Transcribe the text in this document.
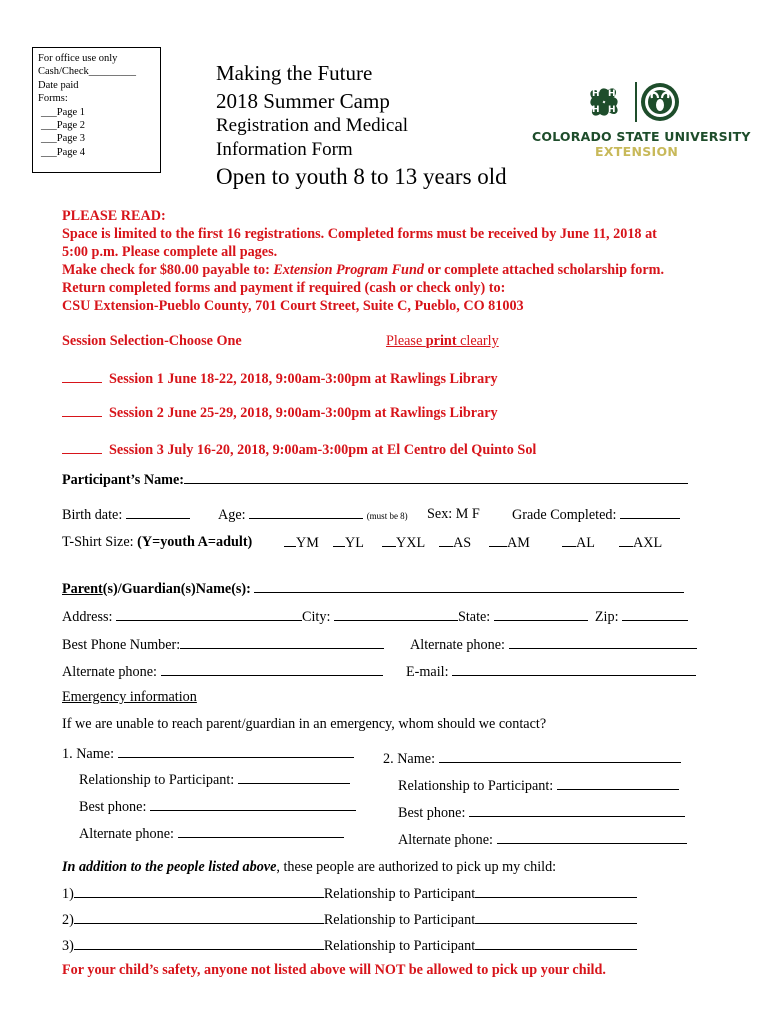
For office use only
Cash/Check_________
Date paid
Forms:
___Page 1
___Page 2
___Page 3
___Page 4
Making the Future
2018 Summer Camp
Registration and Medical
Information Form
Open to youth 8 to 13 years old
H H
H H
COLORADO STATE UNIVERSITY
EXTENSION
PLEASE READ:
Space is limited to the first 16 registrations. Completed forms must be received by June 11, 2018 at
5:00 p.m. Please complete all pages.
Make check for $80.00 payable to: Extension Program Fund or complete attached scholarship form.
Return completed forms and payment if required (cash or check only) to:
CSU Extension-Pueblo County, 701 Court Street, Suite C, Pueblo, CO 81003
Session Selection-Choose One	Please print clearly
Session 1 June 18-22, 2018, 9:00am-3:00pm at Rawlings Library
Session 2 June 25-29, 2018, 9:00am-3:00pm at Rawlings Library
Session 3 July 16-20, 2018, 9:00am-3:00pm at El Centro del Quinto Sol
Participant’s Name:
Birth date:	Age:	(must be 8) Sex: M F Grade Completed:
T-Shirt Size: (Y=youth A=adult)	YM	YL	YXL	AS	AM	AL	AXL
Parent(s)/Guardian(s)Name(s):
Address:	City:	State:	Zip:
Best Phone Number:	Alternate phone:
Alternate phone:	E-mail:
Emergency information
If we are unable to reach parent/guardian in an emergency, whom should we contact?
1. Name:	2. Name:
Relationship to Participant:	Relationship to Participant:
Best phone:	Best phone:
Alternate phone:	Alternate phone:
In addition to the people listed above, these people are authorized to pick up my child:
1)	Relationship to Participant
2)	Relationship to Participant
3)	Relationship to Participant
For your child’s safety, anyone not listed above will NOT be allowed to pick up your child.
